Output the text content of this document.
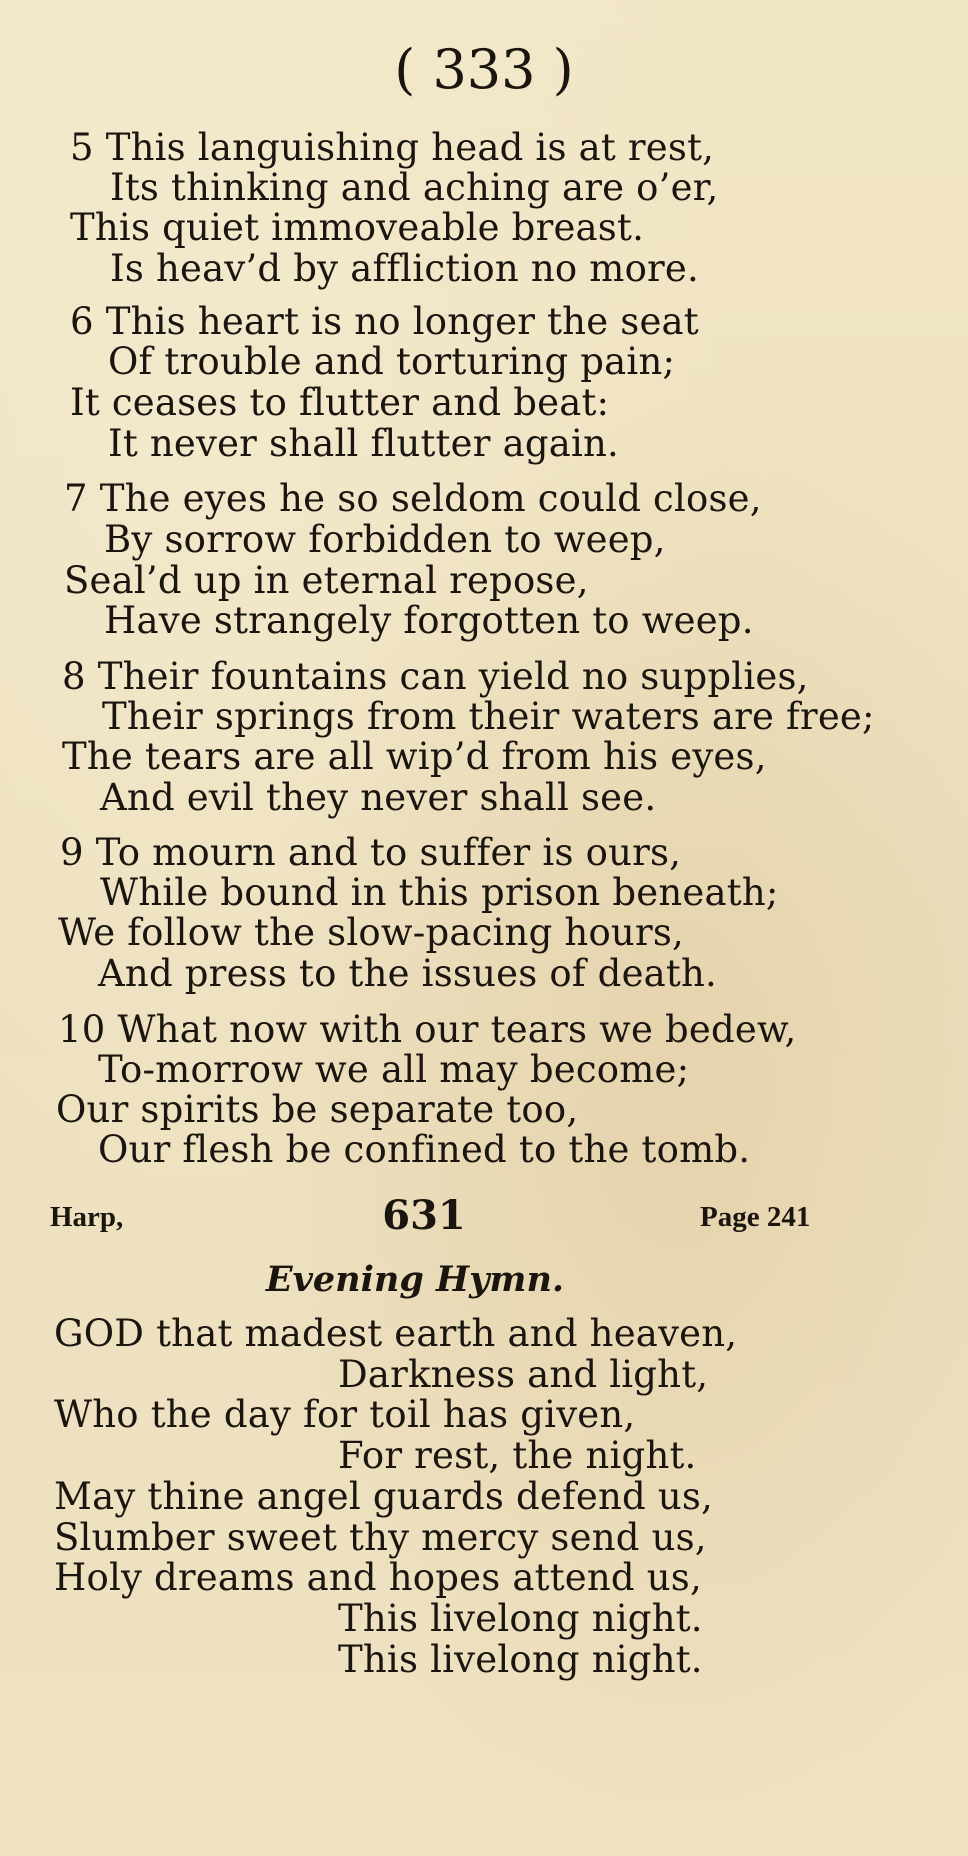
( 333 )
5 This languishing head is at rest,
Its thinking and aching are o’er,
This quiet immoveable breast.
Is heav’d by affliction no more.
6 This heart is no longer the seat
Of trouble and torturing pain;
It ceases to flutter and beat:
It never shall flutter again.
7 The eyes he so seldom could close,
By sorrow forbidden to weep,
Seal’d up in eternal repose,
Have strangely forgotten to weep.
8 Their fountains can yield no supplies,
Their springs from their waters are free;
The tears are all wip’d from his eyes,
And evil they never shall see.
9 To mourn and to suffer is ours,
While bound in this prison beneath;
We follow the slow-pacing hours,
And press to the issues of death.
10 What now with our tears we bedew,
To-morrow we all may become;
Our spirits be separate too,
Our flesh be confined to the tomb.
Harp,	631	Page 241
Evening Hymn.
GOD that madest earth and heaven,
Darkness and light,
Who the day for toil has given,
For rest, the night.
May thine angel guards defend us,
Slumber sweet thy mercy send us,
Holy dreams and hopes attend us,
This livelong night.
This livelong night.
